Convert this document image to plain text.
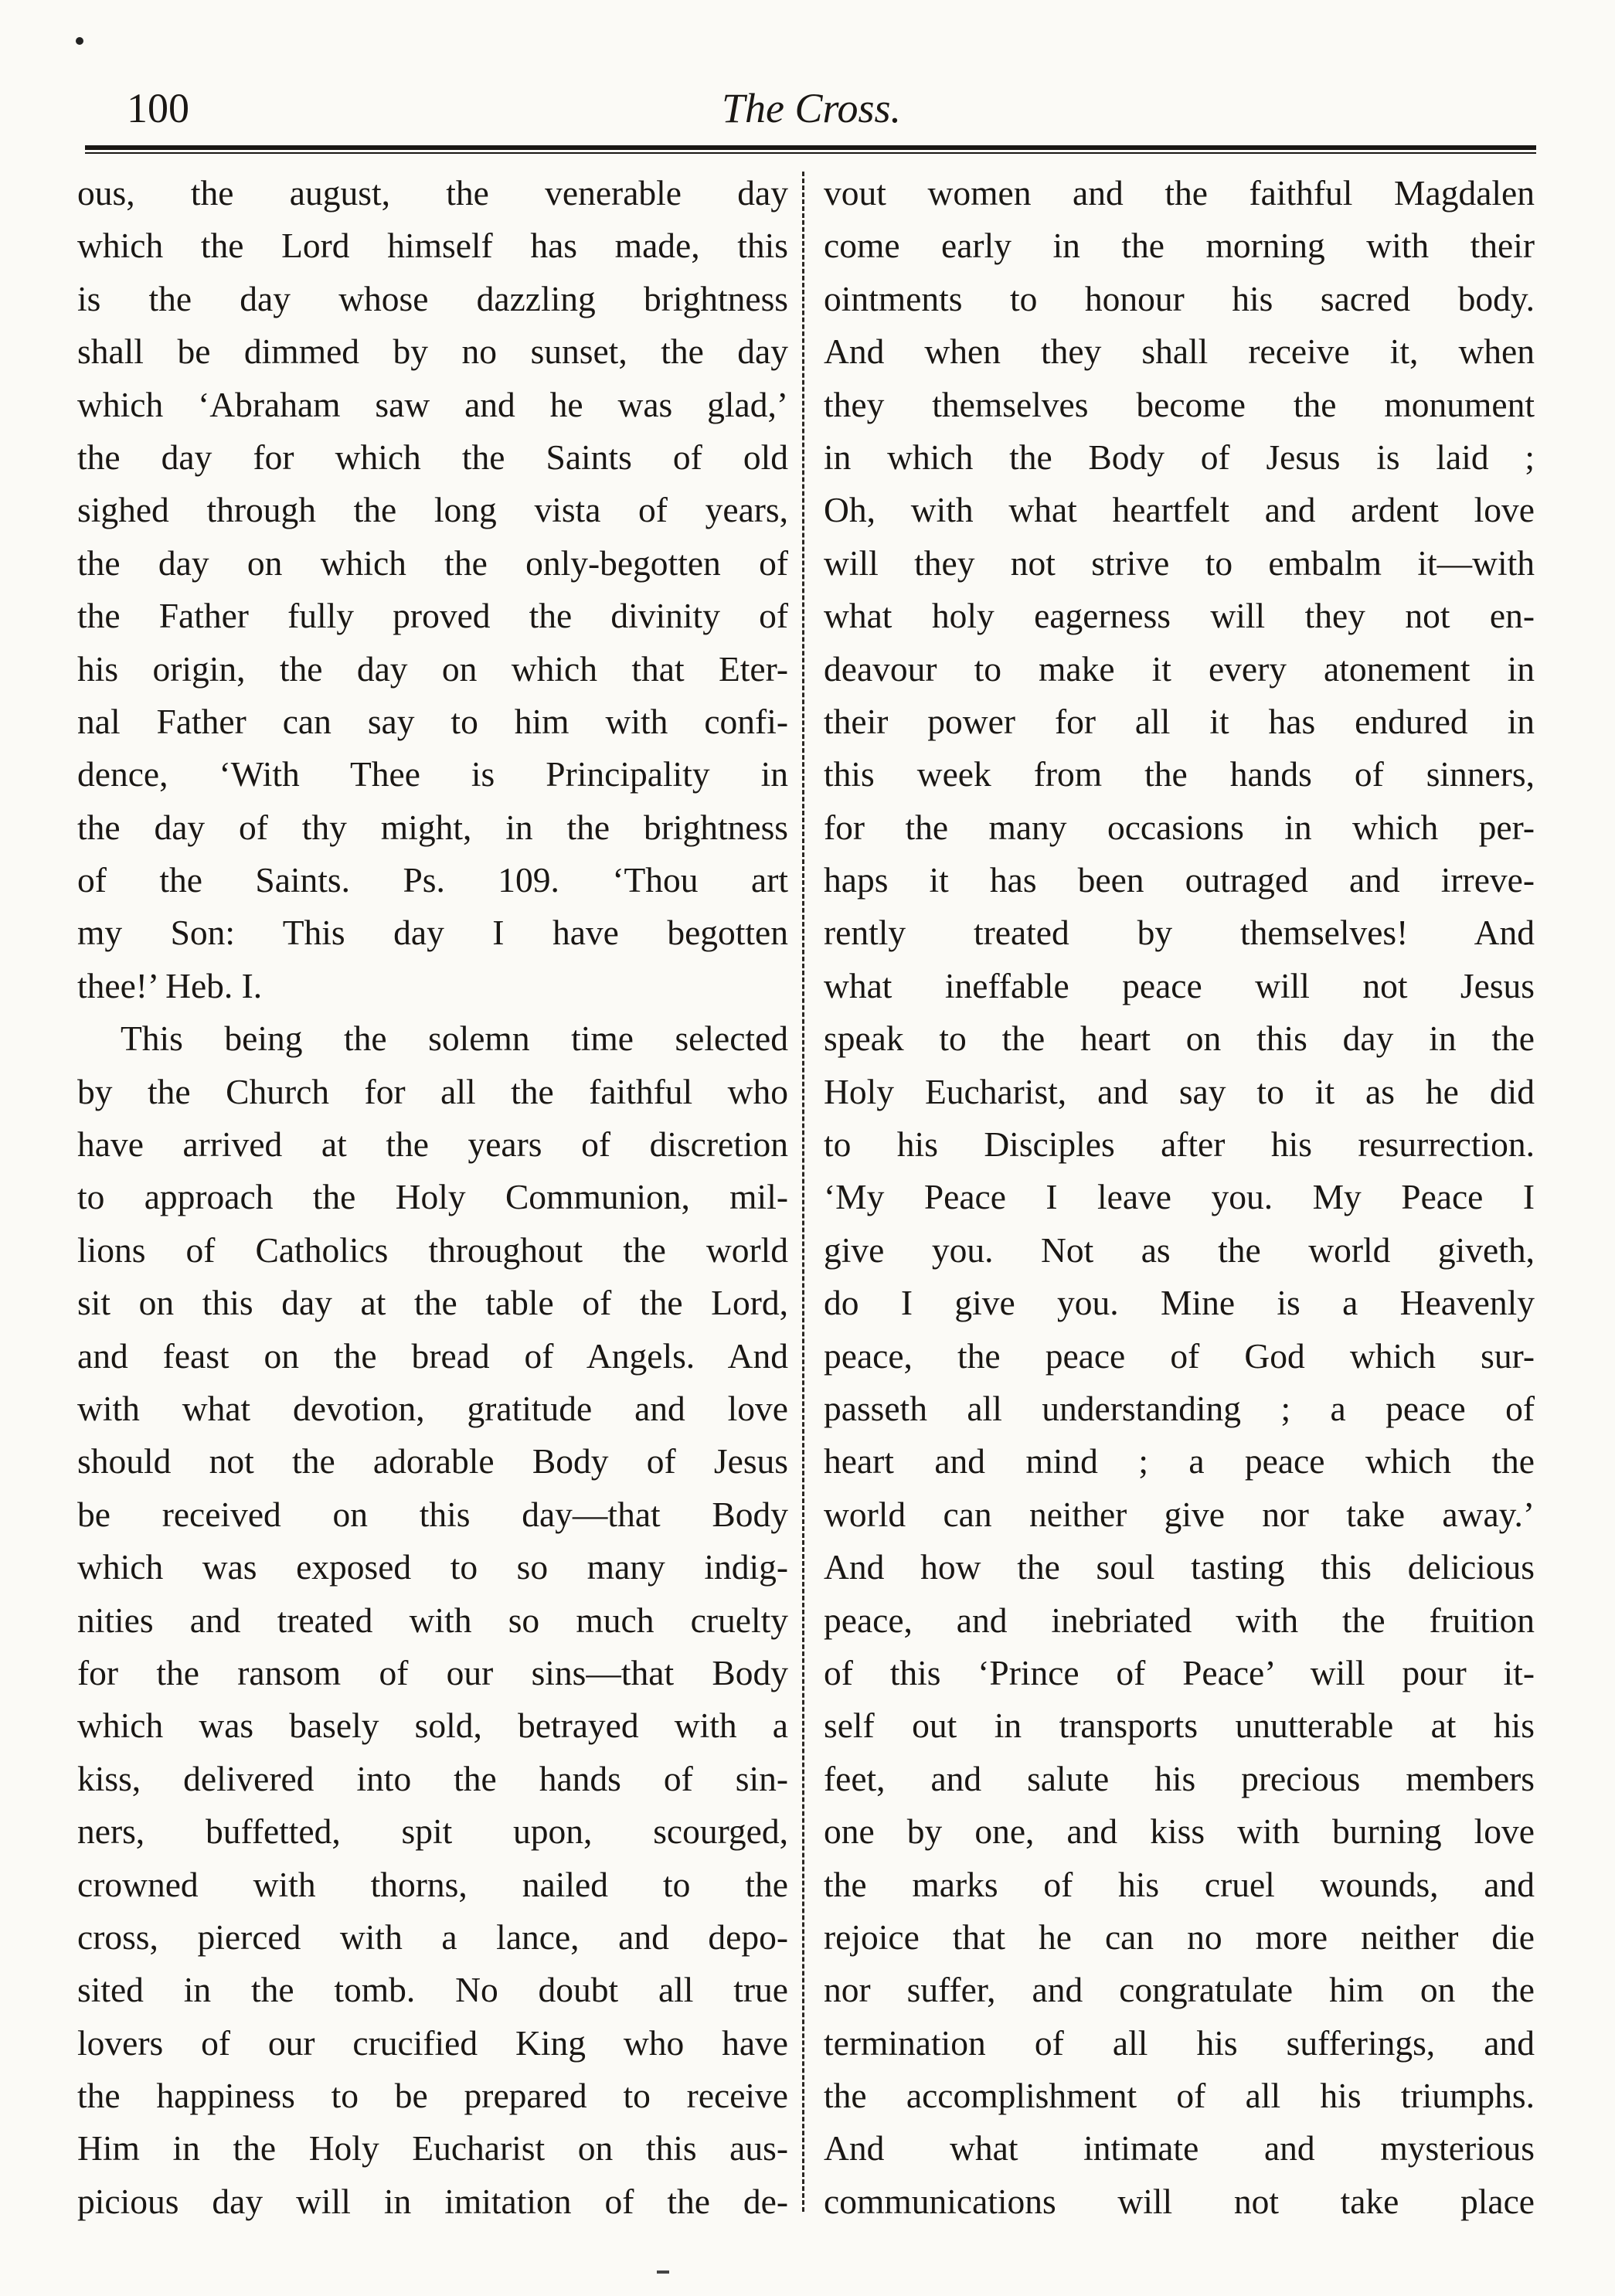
100	The Cross.
ous, the august, the venerable day
which the Lord himself has made, this
is the day whose dazzling brightness
shall be dimmed by no sunset, the day
which ‘Abraham saw and he was glad,’
the day for which the Saints of old
sighed through the long vista of years,
the day on which the only-begotten of
the Father fully proved the divinity of
his origin, the day on which that Eter-
nal Father can say to him with confi-
dence, ‘With Thee is Principality in
the day of thy might, in the brightness
of the Saints. Ps. 109. ‘Thou art
my Son: This day I have begotten
thee!’ Heb. I.
This being the solemn time selected
by the Church for all the faithful who
have arrived at the years of discretion
to approach the Holy Communion, mil-
lions of Catholics throughout the world
sit on this day at the table of the Lord,
and feast on the bread of Angels. And
with what devotion, gratitude and love
should not the adorable Body of Jesus
be received on this day—that Body
which was exposed to so many indig-
nities and treated with so much cruelty
for the ransom of our sins—that Body
which was basely sold, betrayed with a
kiss, delivered into the hands of sin-
ners, buffetted, spit upon, scourged,
crowned with thorns, nailed to the
cross, pierced with a lance, and depo-
sited in the tomb. No doubt all true
lovers of our crucified King who have
the happiness to be prepared to receive
Him in the Holy Eucharist on this aus-
picious day will in imitation of the de-
vout women and the faithful Magdalen
come early in the morning with their
ointments to honour his sacred body.
And when they shall receive it, when
they themselves become the monument
in which the Body of Jesus is laid ;
Oh, with what heartfelt and ardent love
will they not strive to embalm it—with
what holy eagerness will they not en-
deavour to make it every atonement in
their power for all it has endured in
this week from the hands of sinners,
for the many occasions in which per-
haps it has been outraged and irreve-
rently treated by themselves! And
what ineffable peace will not Jesus
speak to the heart on this day in the
Holy Eucharist, and say to it as he did
to his Disciples after his resurrection.
‘My Peace I leave you. My Peace I
give you. Not as the world giveth,
do I give you. Mine is a Heavenly
peace, the peace of God which sur-
passeth all understanding ; a peace of
heart and mind ; a peace which the
world can neither give nor take away.’
And how the soul tasting this delicious
peace, and inebriated with the fruition
of this ‘Prince of Peace’ will pour it-
self out in transports unutterable at his
feet, and salute his precious members
one by one, and kiss with burning love
the marks of his cruel wounds, and
rejoice that he can no more neither die
nor suffer, and congratulate him on the
termination of all his sufferings, and
the accomplishment of all his triumphs.
And what intimate and mysterious
communications will not take place
